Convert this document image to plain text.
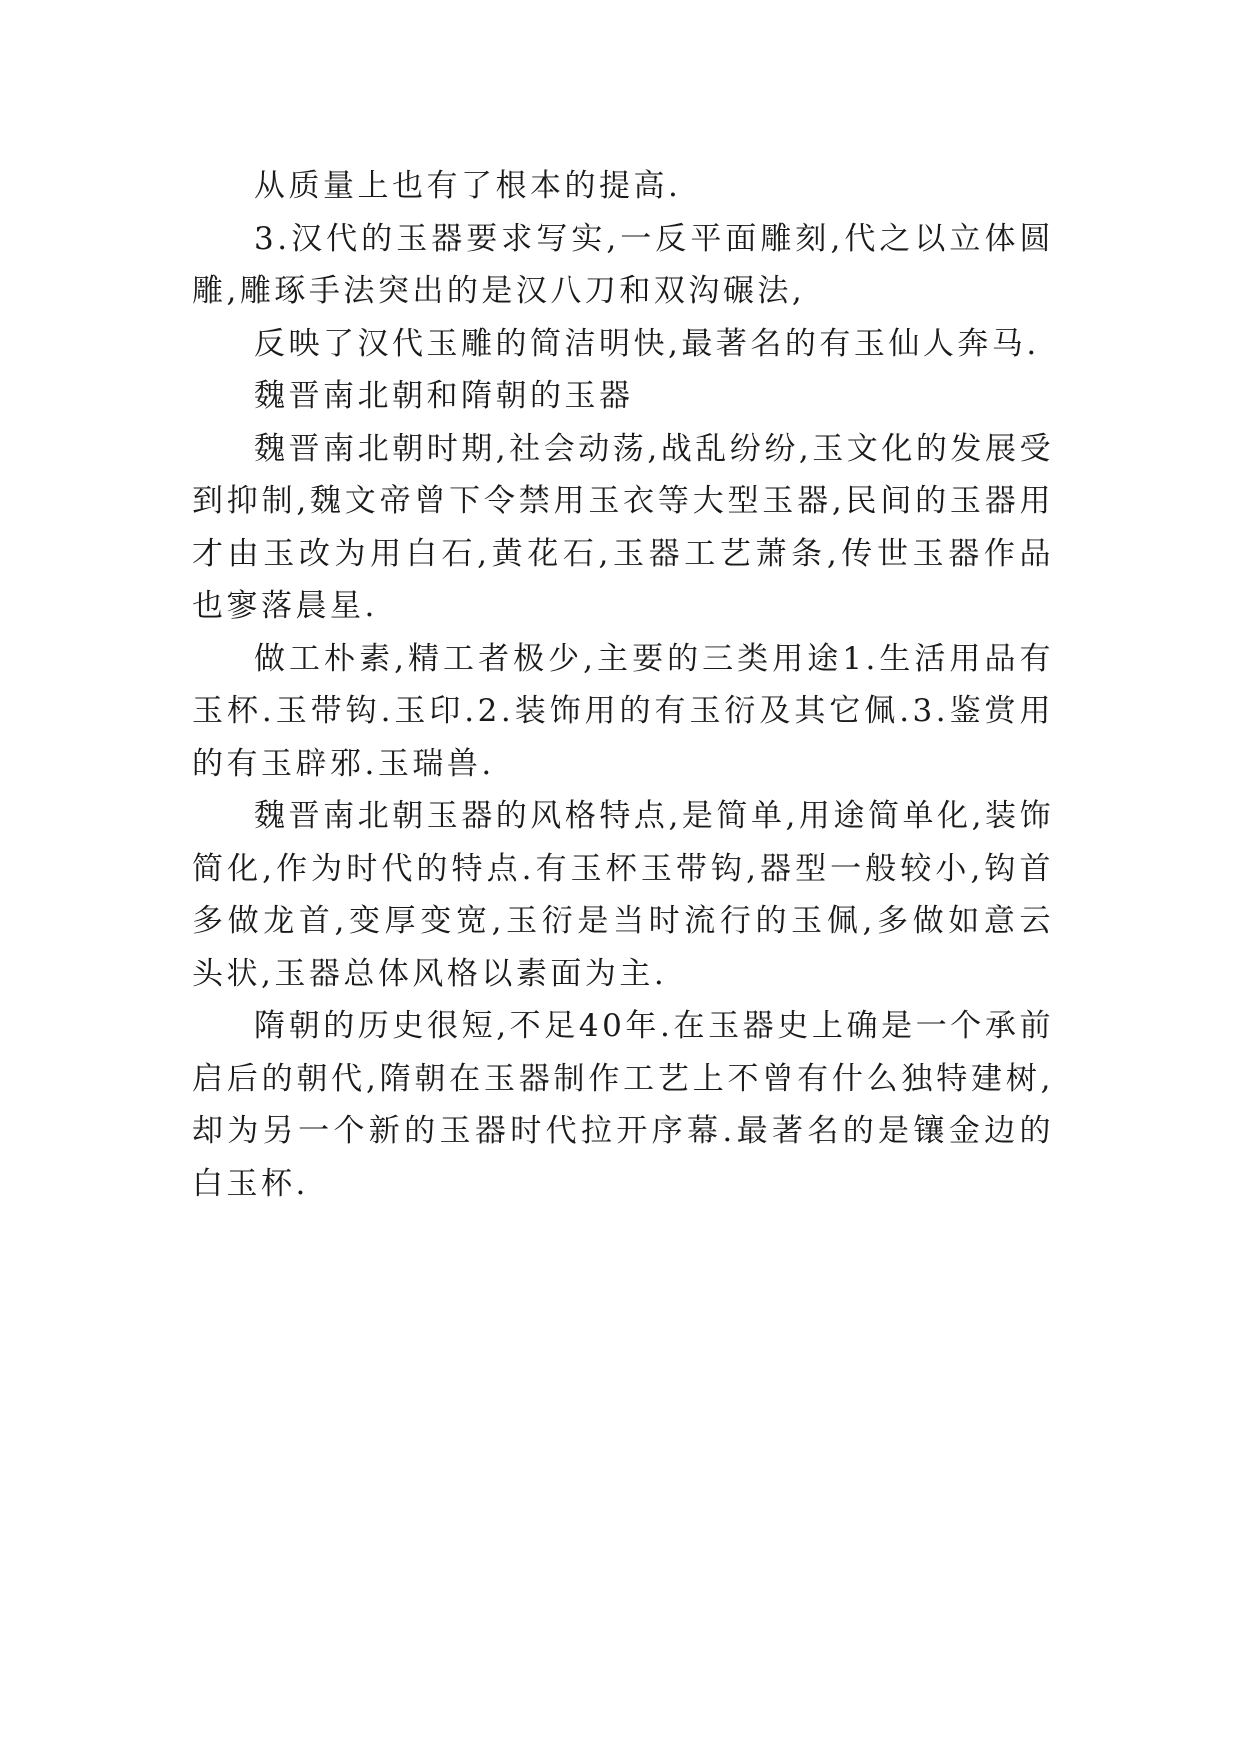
从质量上也有了根本的提高.

3.汉代的玉器要求写实,一反平面雕刻,代之以立体圆雕,雕琢手法突出的是汉八刀和双沟碾法,

反映了汉代玉雕的简洁明快,最著名的有玉仙人奔马.

魏晋南北朝和隋朝的玉器

魏晋南北朝时期,社会动荡,战乱纷纷,玉文化的发展受到抑制,魏文帝曾下令禁用玉衣等大型玉器,民间的玉器用才由玉改为用白石,黄花石,玉器工艺萧条,传世玉器作品也寥落晨星.

做工朴素,精工者极少,主要的三类用途1.生活用品有玉杯.玉带钩.玉印.2.装饰用的有玉衍及其它佩.3.鉴赏用的有玉辟邪.玉瑞兽.

魏晋南北朝玉器的风格特点,是简单,用途简单化,装饰简化,作为时代的特点.有玉杯玉带钩,器型一般较小,钩首多做龙首,变厚变宽,玉衍是当时流行的玉佩,多做如意云头状,玉器总体风格以素面为主.

隋朝的历史很短,不足40年.在玉器史上确是一个承前启后的朝代,隋朝在玉器制作工艺上不曾有什么独特建树,却为另一个新的玉器时代拉开序幕.最著名的是镶金边的白玉杯.
